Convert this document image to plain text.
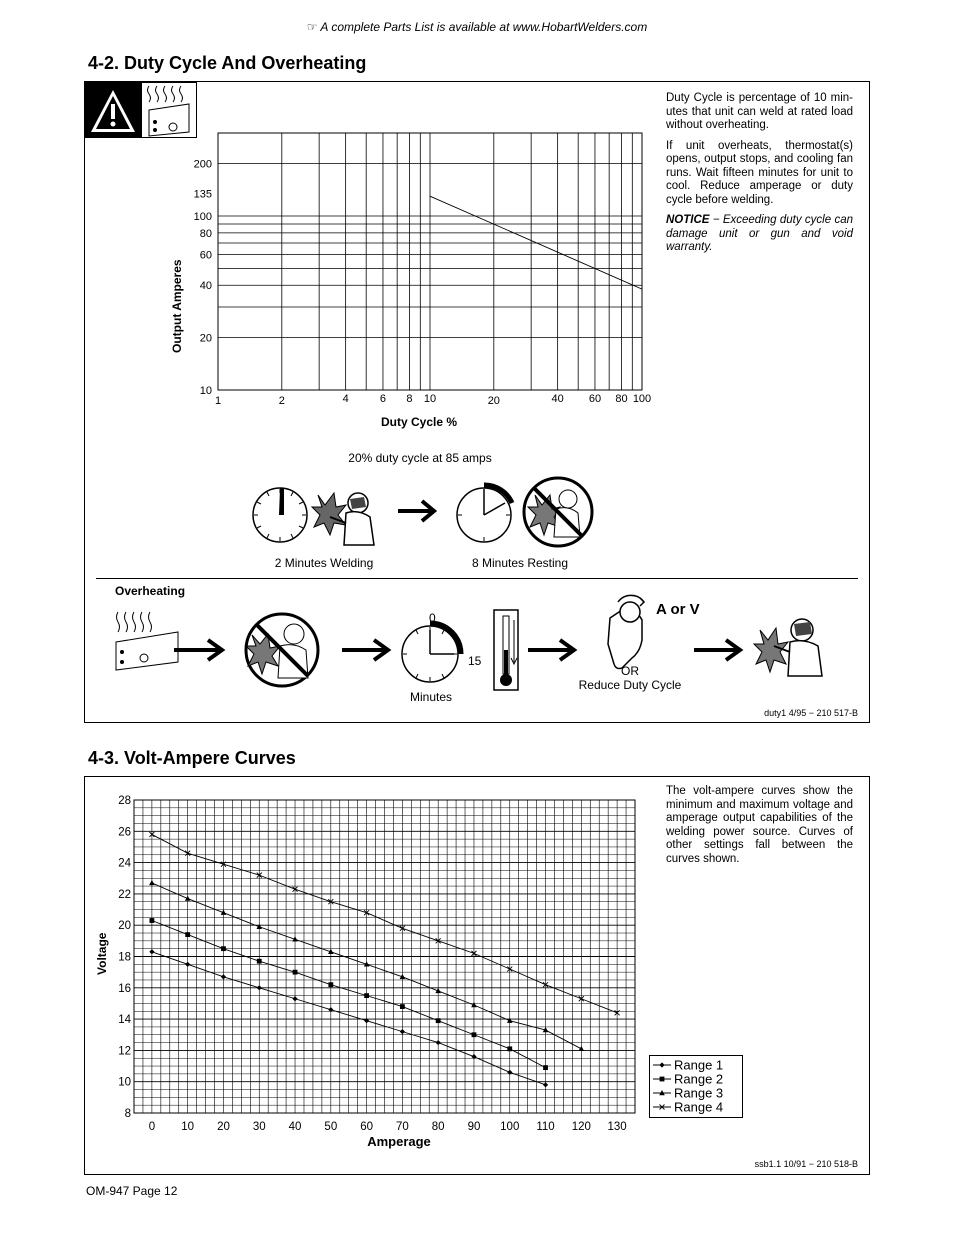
☞ A complete Parts List is available at www.HobartWelders.com
4-2. Duty Cycle And Overheating

Duty Cycle is percentage of 10 min-utes that unit can weld at rated load without overheating.

If unit overheats, thermostat(s) opens, output stops, and cooling fan runs. Wait fifteen minutes for unit to cool. Reduce amperage or duty cycle before welding.

NOTICE − Exceeding duty cycle can damage unit or gun and void warranty.

10
20
40
60
80
100
135
200
1	2	4	6 8 10	20	40 60 80 100
Output Amperes
Duty Cycle %
20% duty cycle at 85 amps
2 Minutes Welding	8 Minutes Resting
Overheating
0
15
Minutes
A or V
OR
Reduce Duty Cycle
duty1 4/95 − 210 517-B
4-3. Volt-Ampere Curves
The volt-ampere curves show the minimum and maximum voltage and amperage output capabilities of the welding power source. Curves of other settings fall between the curves shown.
8
10
12
14
16
18
20
22
24
26
28
0 10 20 30 40 50 60 70 80 90 100 110 120 130
Voltage
Amperage
Range 1
Range 2
Range 3
Range 4
ssb1.1 10/91 − 210 518-B
OM-947 Page 12
